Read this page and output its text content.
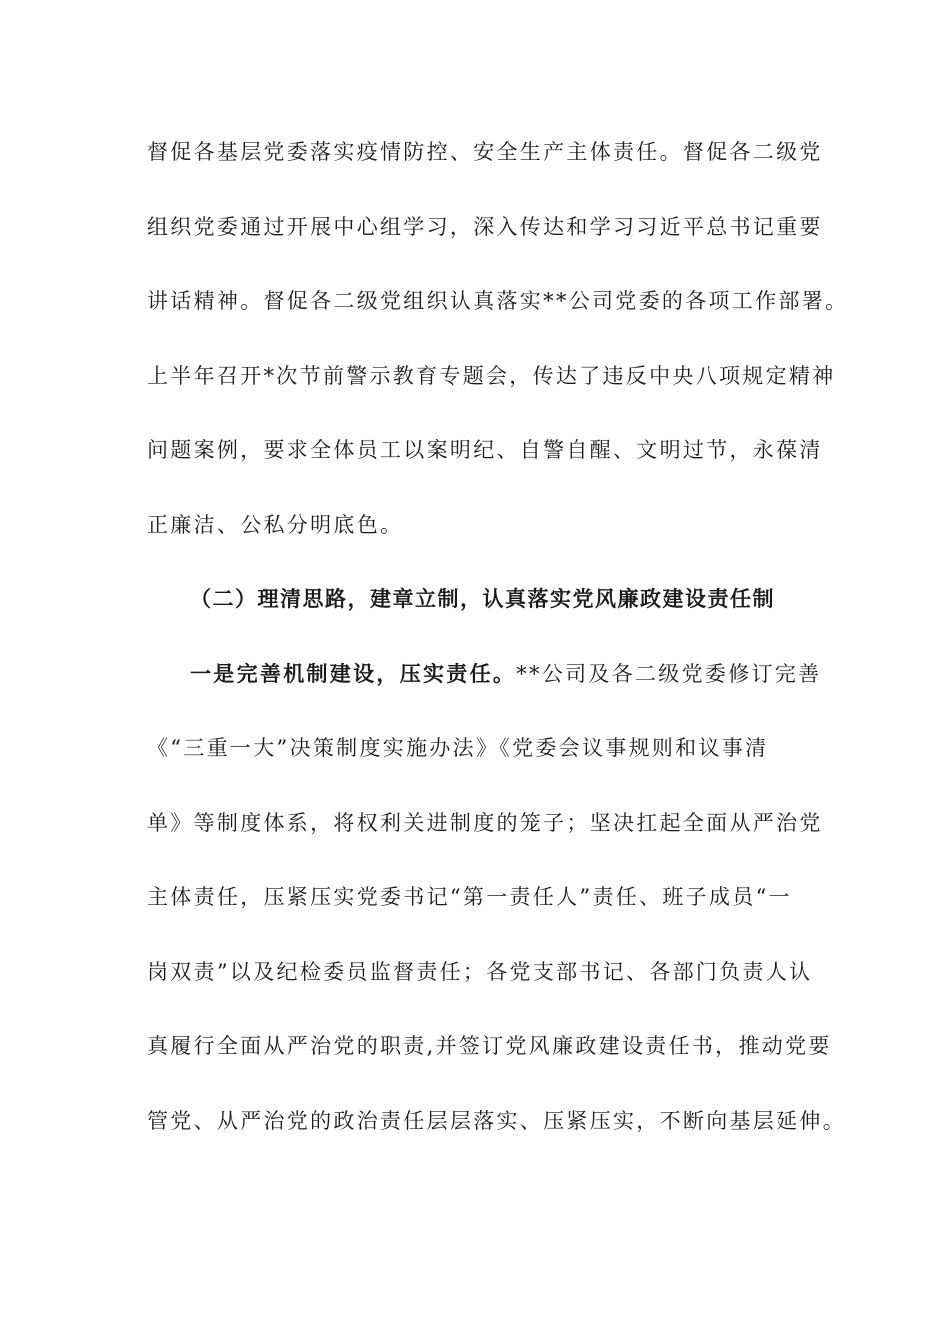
督促各基层党委落实疫情防控、安全生产主体责任。督促各二级党
组织党委通过开展中心组学习，深入传达和学习习近平总书记重要
讲话精神。督促各二级党组织认真落实**公司党委的各项工作部署。
上半年召开*次节前警示教育专题会，传达了违反中央八项规定精神
问题案例，要求全体员工以案明纪、自警自醒、文明过节，永葆清
正廉洁、公私分明底色。
（二）理清思路，建章立制，认真落实党风廉政建设责任制
一是完善机制建设，压实责任。**公司及各二级党委修订完善
《“三重一大”决策制度实施办法》《党委会议事规则和议事清
单》等制度体系，将权利关进制度的笼子；坚决扛起全面从严治党
主体责任，压紧压实党委书记“第一责任人”责任、班子成员“一
岗双责”以及纪检委员监督责任；各党支部书记、各部门负责人认
真履行全面从严治党的职责,并签订党风廉政建设责任书，推动党要
管党、从严治党的政治责任层层落实、压紧压实，不断向基层延伸。
